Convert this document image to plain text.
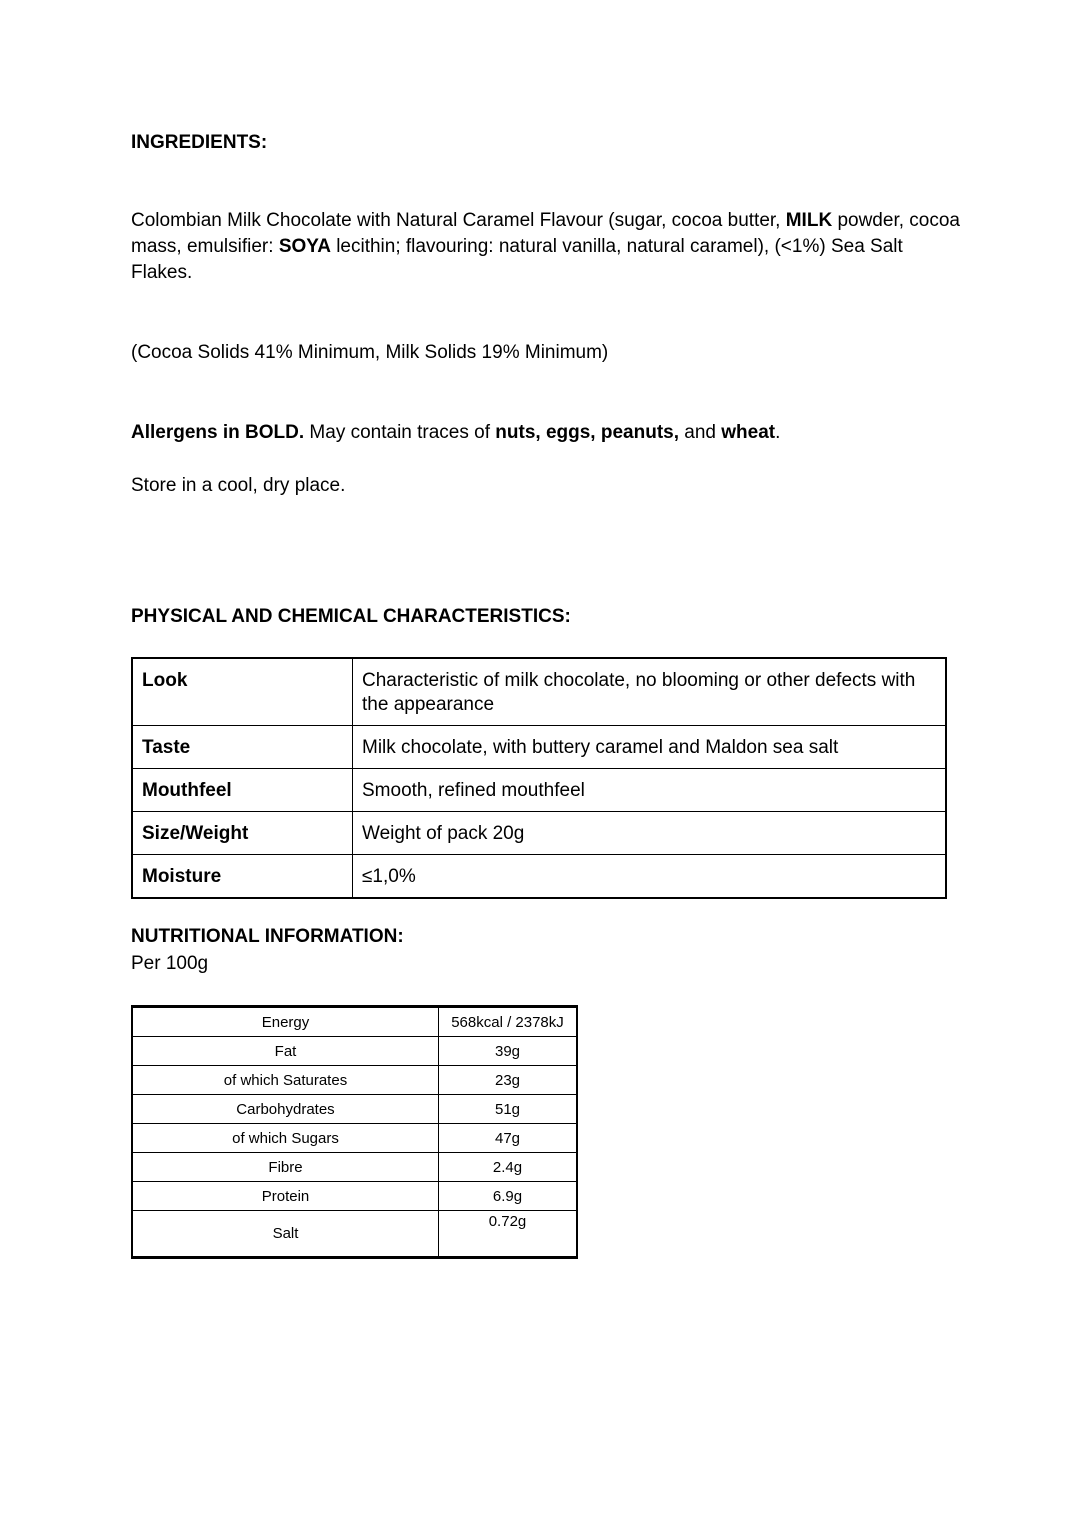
INGREDIENTS:
Colombian Milk Chocolate with Natural Caramel Flavour (sugar, cocoa butter, MILK powder, cocoa mass, emulsifier: SOYA lecithin; flavouring: natural vanilla, natural caramel), (<1%) Sea Salt Flakes.
(Cocoa Solids 41% Minimum, Milk Solids 19% Minimum)
Allergens in BOLD. May contain traces of nuts, eggs, peanuts, and wheat.
Store in a cool, dry place.
PHYSICAL AND CHEMICAL CHARACTERISTICS:
Look	Characteristic of milk chocolate, no blooming or other defects with the appearance
Taste	Milk chocolate, with buttery caramel and Maldon sea salt
Mouthfeel	Smooth, refined mouthfeel
Size/Weight	Weight of pack 20g
Moisture	≤1,0%
NUTRITIONAL INFORMATION:
Per 100g
Energy	568kcal / 2378kJ
Fat	39g
of which Saturates	23g
Carbohydrates	51g
of which Sugars	47g
Fibre	2.4g
Protein	6.9g
Salt	0.72g
